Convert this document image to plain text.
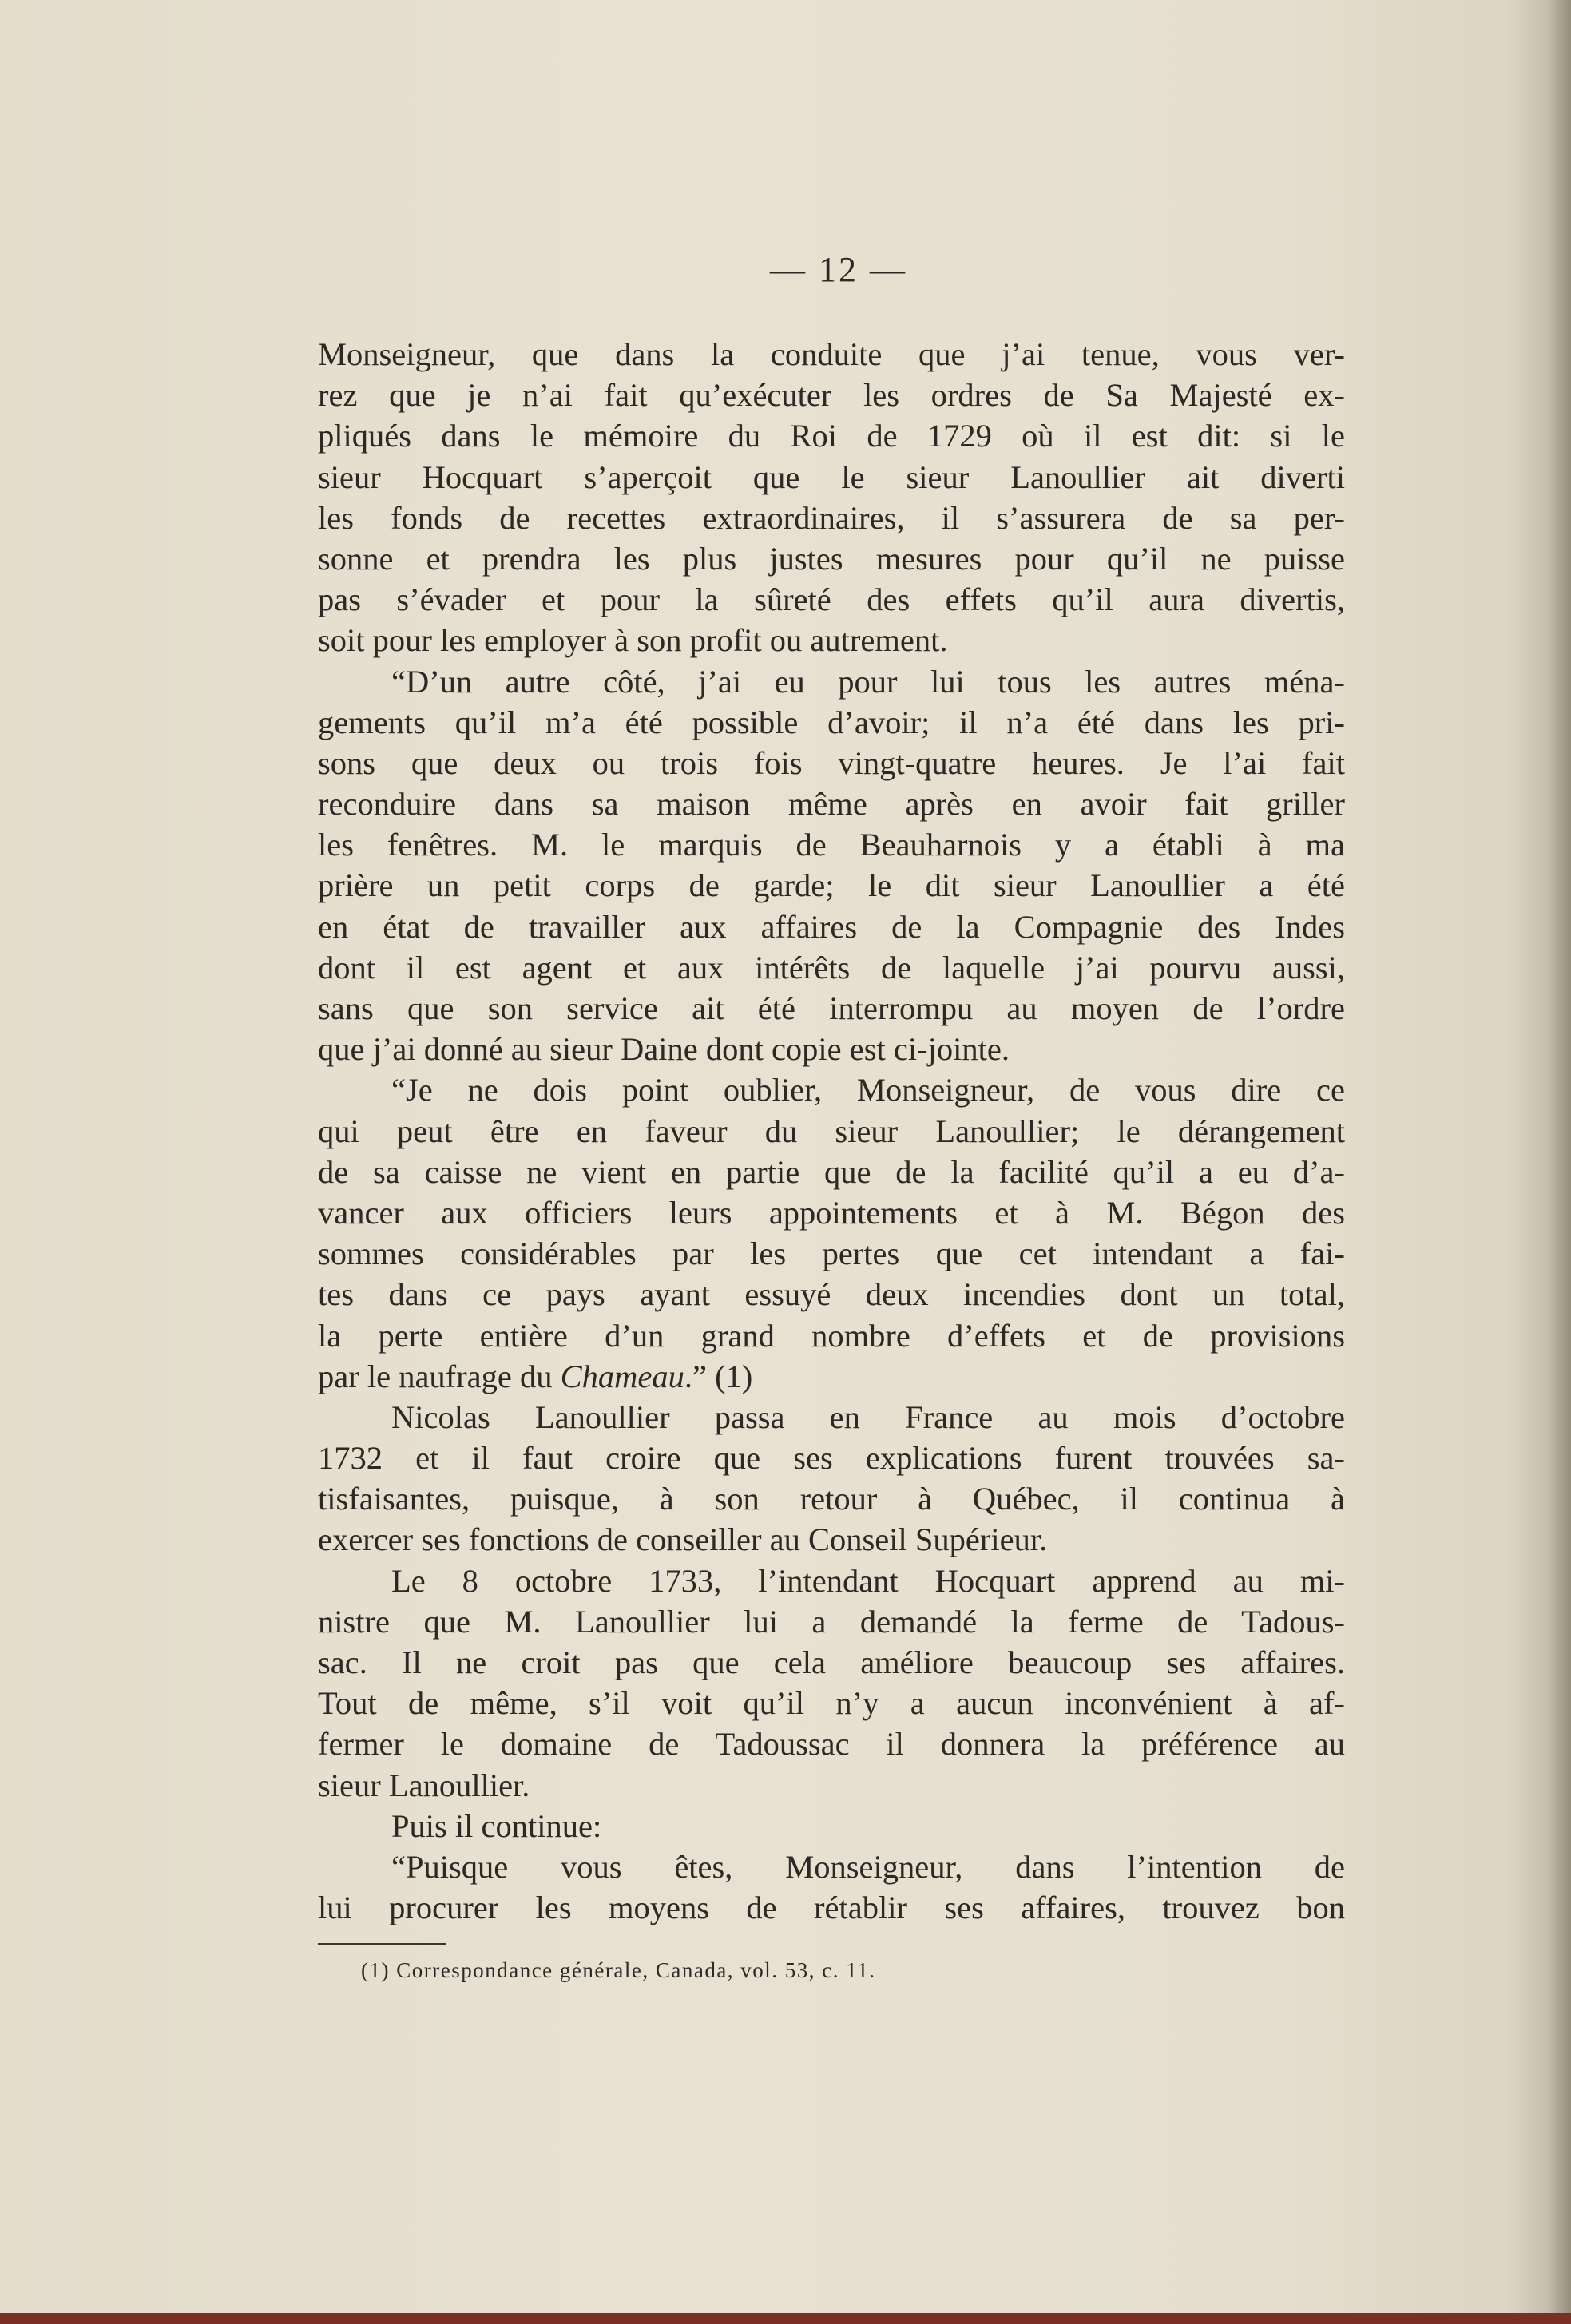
— 12 —
Monseigneur, que dans la conduite que j’ai tenue, vous ver-
rez que je n’ai fait qu’exécuter les ordres de Sa Majesté ex-
pliqués dans le mémoire du Roi de 1729 où il est dit: si le
sieur Hocquart s’aperçoit que le sieur Lanoullier ait diverti
les fonds de recettes extraordinaires, il s’assurera de sa per-
sonne et prendra les plus justes mesures pour qu’il ne puisse
pas s’évader et pour la sûreté des effets qu’il aura divertis,
soit pour les employer à son profit ou autrement.
“D’un autre côté, j’ai eu pour lui tous les autres ména-
gements qu’il m’a été possible d’avoir; il n’a été dans les pri-
sons que deux ou trois fois vingt-quatre heures. Je l’ai fait
reconduire dans sa maison même après en avoir fait griller
les fenêtres. M. le marquis de Beauharnois y a établi à ma
prière un petit corps de garde; le dit sieur Lanoullier a été
en état de travailler aux affaires de la Compagnie des Indes
dont il est agent et aux intérêts de laquelle j’ai pourvu aussi,
sans que son service ait été interrompu au moyen de l’ordre
que j’ai donné au sieur Daine dont copie est ci-jointe.
“Je ne dois point oublier, Monseigneur, de vous dire ce
qui peut être en faveur du sieur Lanoullier; le dérangement
de sa caisse ne vient en partie que de la facilité qu’il a eu d’a-
vancer aux officiers leurs appointements et à M. Bégon des
sommes considérables par les pertes que cet intendant a fai-
tes dans ce pays ayant essuyé deux incendies dont un total,
la perte entière d’un grand nombre d’effets et de provisions
par le naufrage du Chameau.” (1)
Nicolas Lanoullier passa en France au mois d’octobre
1732 et il faut croire que ses explications furent trouvées sa-
tisfaisantes, puisque, à son retour à Québec, il continua à
exercer ses fonctions de conseiller au Conseil Supérieur.
Le 8 octobre 1733, l’intendant Hocquart apprend au mi-
nistre que M. Lanoullier lui a demandé la ferme de Tadous-
sac. Il ne croit pas que cela améliore beaucoup ses affaires.
Tout de même, s’il voit qu’il n’y a aucun inconvénient à af-
fermer le domaine de Tadoussac il donnera la préférence au
sieur Lanoullier.
Puis il continue:
“Puisque vous êtes, Monseigneur, dans l’intention de
lui procurer les moyens de rétablir ses affaires, trouvez bon
(1) Correspondance générale, Canada, vol. 53, c. 11.
